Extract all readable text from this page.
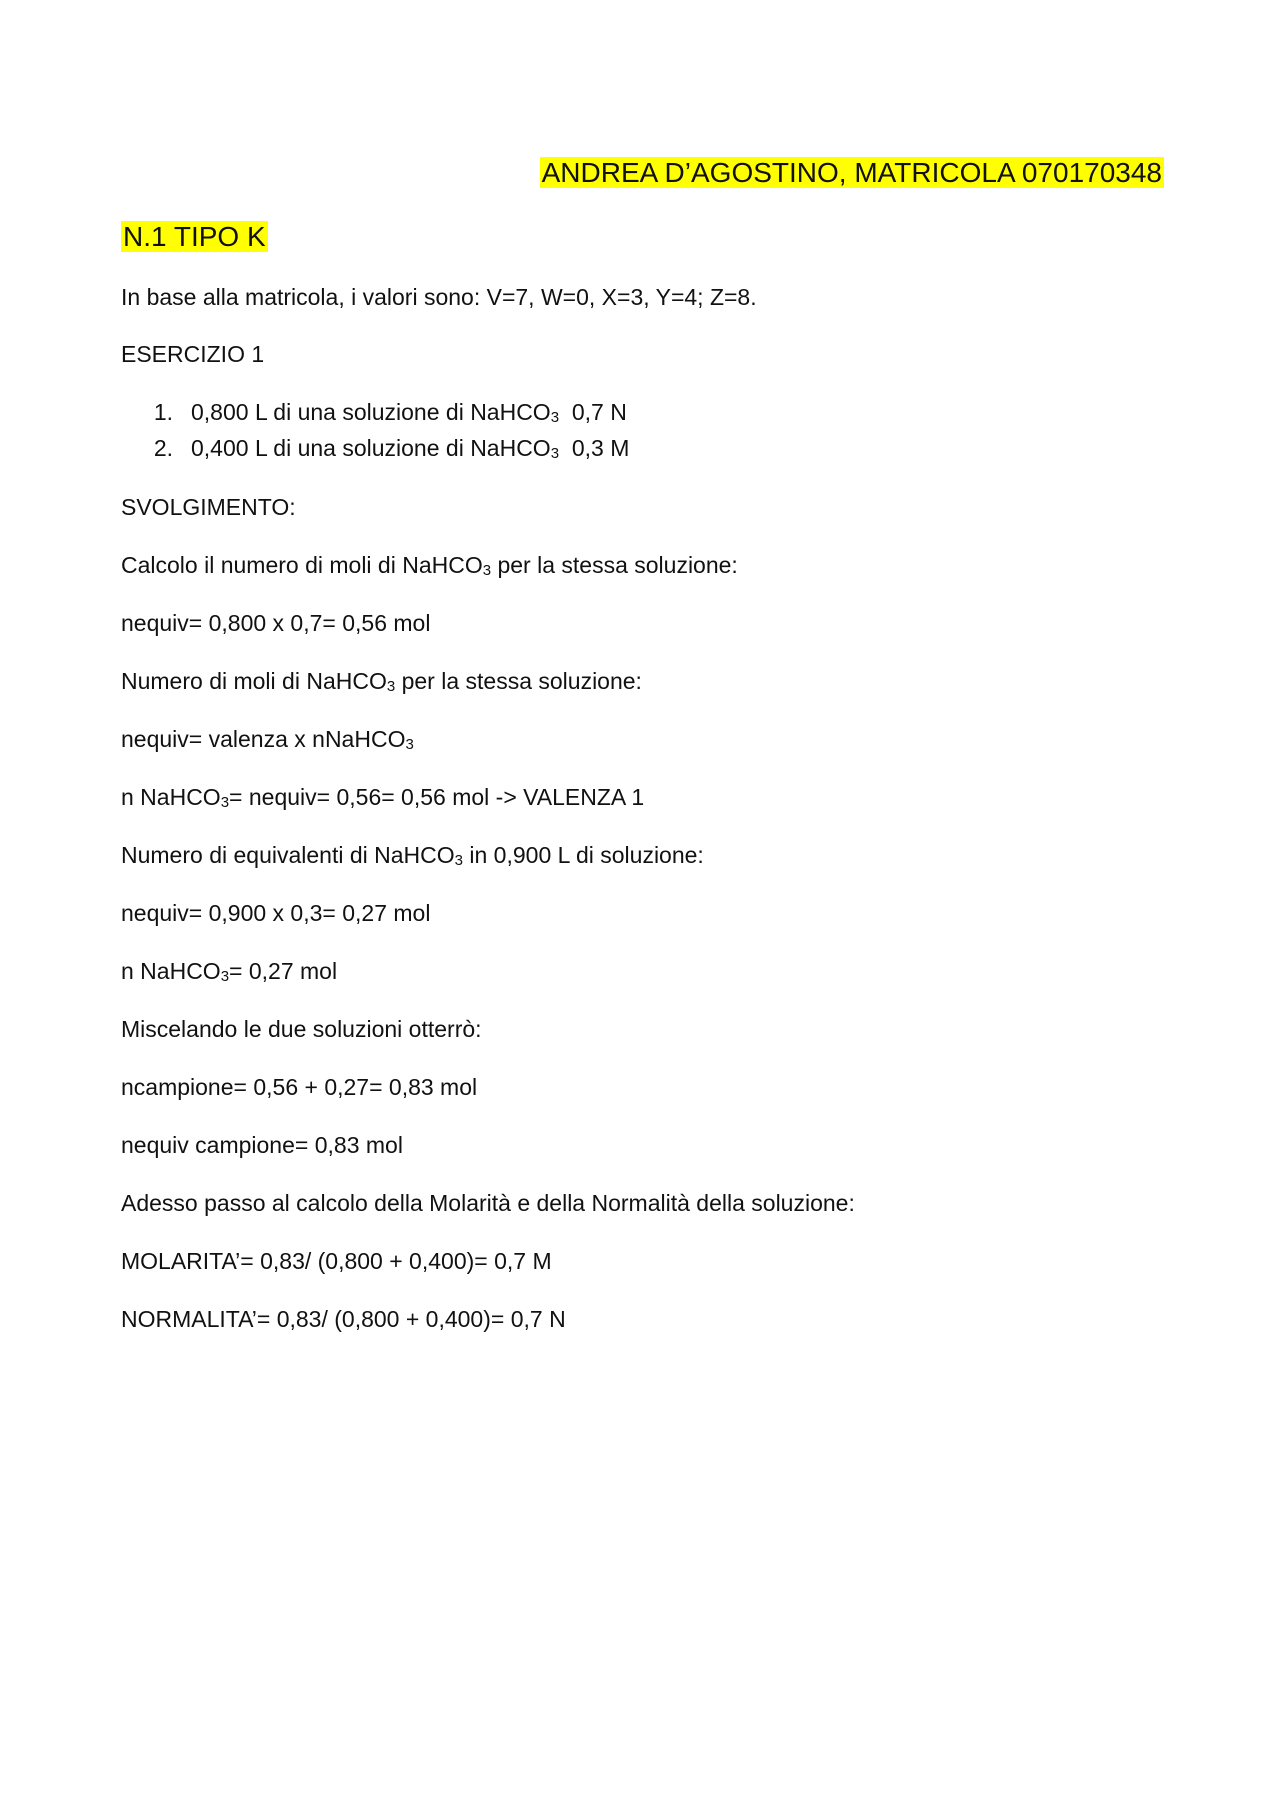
ANDREA D’AGOSTINO, MATRICOLA 070170348
N.1 TIPO K
In base alla matricola, i valori sono: V=7, W=0, X=3, Y=4; Z=8.
ESERCIZIO 1
1. 0,800 L di una soluzione di NaHCO3  0,7 N
2. 0,400 L di una soluzione di NaHCO3  0,3 M
SVOLGIMENTO:
Calcolo il numero di moli di NaHCO3 per la stessa soluzione:
nequiv= 0,800 x 0,7= 0,56 mol
Numero di moli di NaHCO3 per la stessa soluzione:
nequiv= valenza x nNaHCO3
n NaHCO3= nequiv= 0,56= 0,56 mol -> VALENZA 1
Numero di equivalenti di NaHCO3 in 0,900 L di soluzione:
nequiv= 0,900 x 0,3= 0,27 mol
n NaHCO3= 0,27 mol
Miscelando le due soluzioni otterrò:
ncampione= 0,56 + 0,27= 0,83 mol
nequiv campione= 0,83 mol
Adesso passo al calcolo della Molarità e della Normalità della soluzione:
MOLARITA’= 0,83/ (0,800 + 0,400)= 0,7 M
NORMALITA’= 0,83/ (0,800 + 0,400)= 0,7 N
